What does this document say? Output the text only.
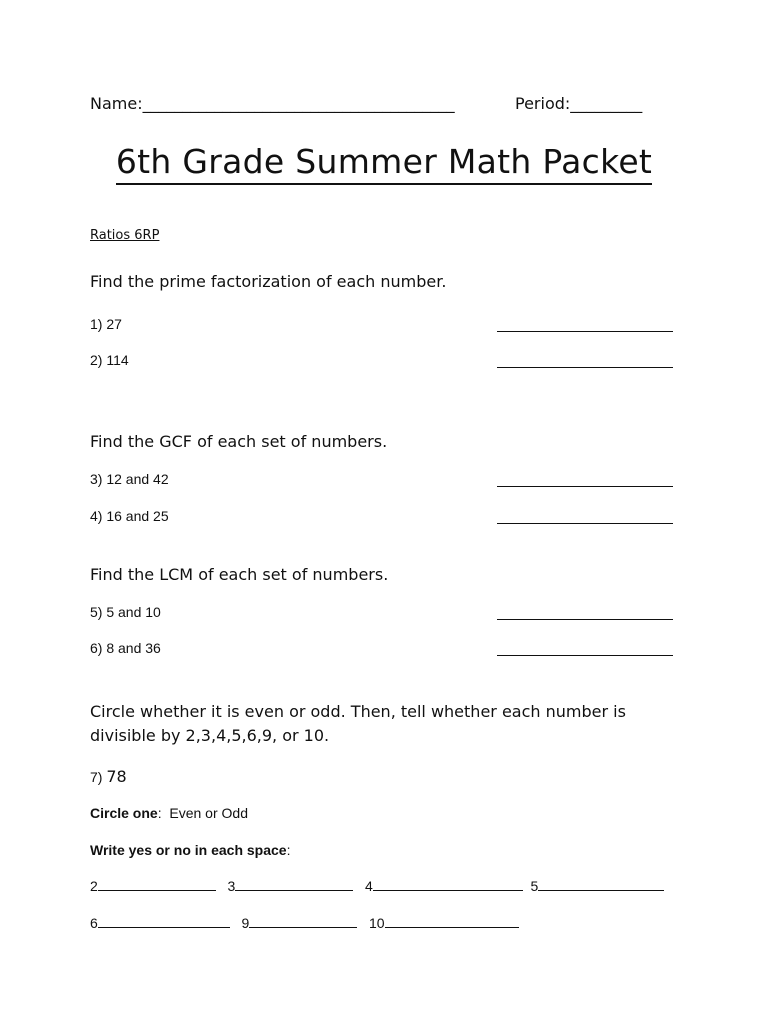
Name:_______________________________________	Period:_________
6th Grade Summer Math Packet
Ratios 6RP
Find the prime factorization of each number.
1) 27
2) 114
Find the GCF of each set of numbers.
3) 12 and 42
4) 16 and 25
Find the LCM of each set of numbers.
5) 5 and 10
6) 8 and 36
Circle whether it is even or odd. Then, tell whether each number is
divisible by 2,3,4,5,6,9, or 10.
7) 78
Circle one: Even or Odd
Write yes or no in each space:
2	3	4	5
6	9	10
